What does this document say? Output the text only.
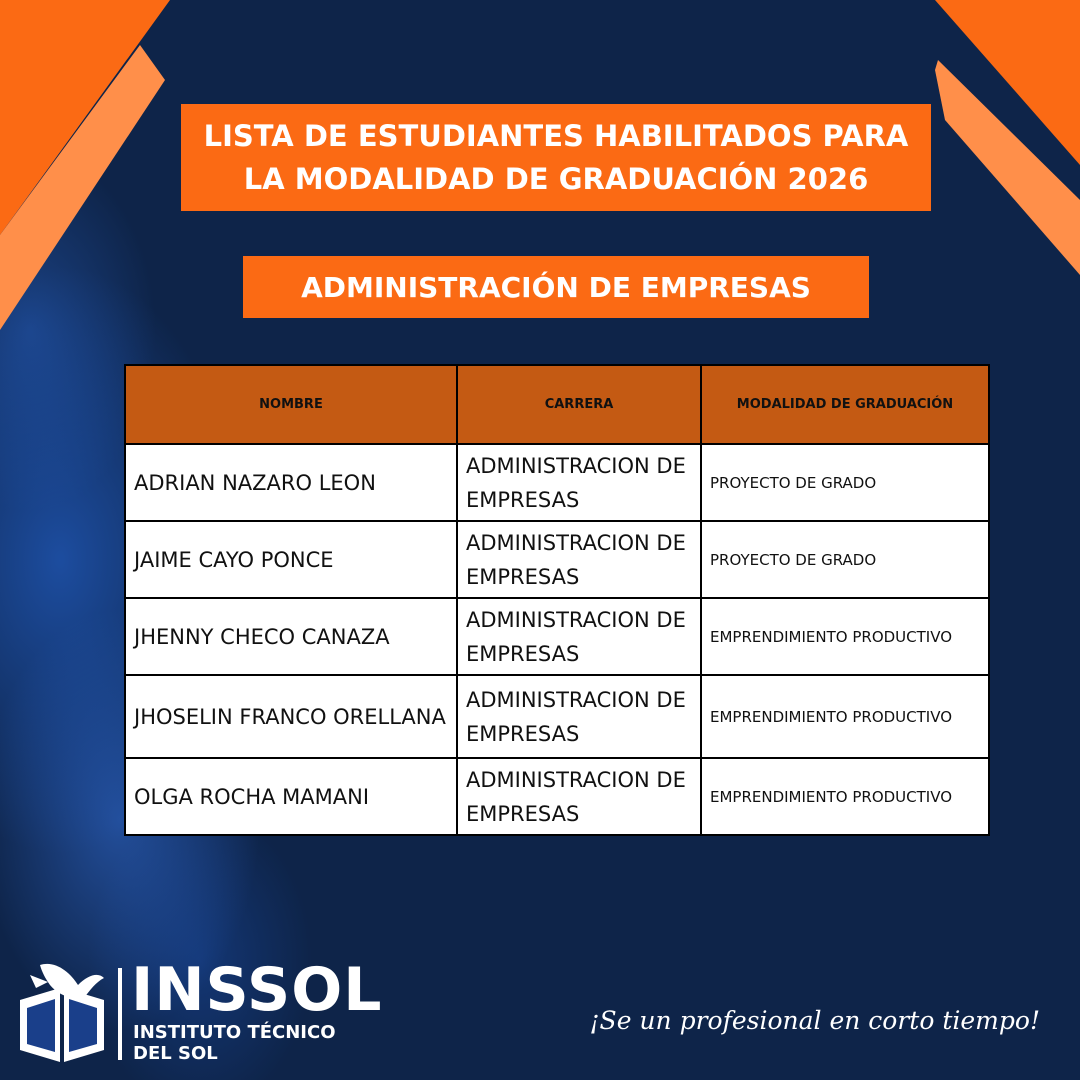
LISTA DE ESTUDIANTES HABILITADOS PARA LA MODALIDAD DE GRADUACIÓN 2026
ADMINISTRACIÓN DE EMPRESAS
NOMBRE	CARRERA	MODALIDAD DE GRADUACIÓN
ADRIAN NAZARO LEON	ADMINISTRACION DE EMPRESAS	PROYECTO DE GRADO
JAIME CAYO PONCE	ADMINISTRACION DE EMPRESAS	PROYECTO DE GRADO
JHENNY CHECO CANAZA	ADMINISTRACION DE EMPRESAS	EMPRENDIMIENTO PRODUCTIVO
JHOSELIN FRANCO ORELLANA	ADMINISTRACION DE EMPRESAS	EMPRENDIMIENTO PRODUCTIVO
OLGA ROCHA MAMANI	ADMINISTRACION DE EMPRESAS	EMPRENDIMIENTO PRODUCTIVO
INSSOL
INSTITUTO TÉCNICO DEL SOL
¡Se un profesional en corto tiempo!
